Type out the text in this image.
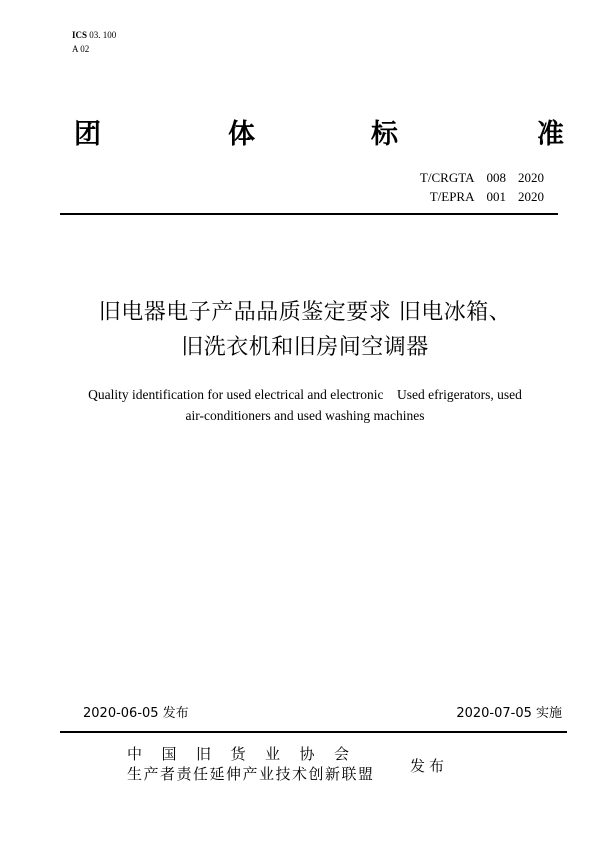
ICS 03. 100
A 02
团	体	标	准
T/CRGTA 008 2020
T/EPRA 001 2020
旧电器电子产品品质鉴定要求 旧电冰箱、
旧洗衣机和旧房间空调器
Quality identification for used electrical and electronic    Used efrigerators, used
air-conditioners and used washing machines
2020-06-05 发布	2020-07-05 实施
中国旧货业协会
生产者责任延伸产业技术创新联盟 发布
